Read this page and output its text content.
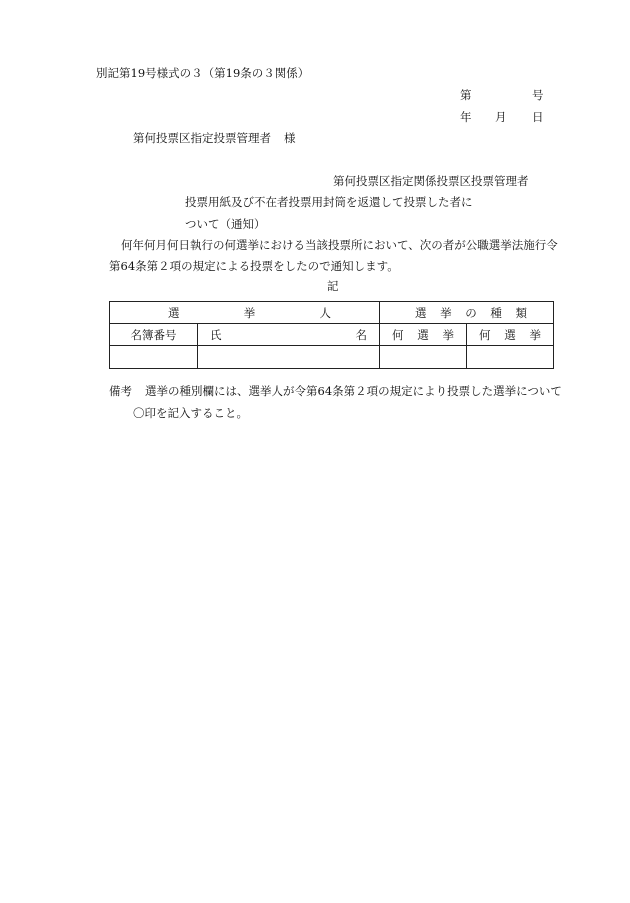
別記第19号様式の３（第19条の３関係）
第	号
年 月 日
第何投票区指定投票管理者 様
第何投票区指定関係投票区投票管理者
投票用紙及び不在者投票用封筒を返還して投票した者に
ついて（通知）
何年何月何日執行の何選挙における当該投票所において、次の者が公職選挙法施行令
第64条第２項の規定による投票をしたので通知します。
記
選 挙 人		選 挙 の 種 類	

名簿番号	氏 名	何 選 挙	何 選 挙

備考 選挙の種別欄には、選挙人が令第64条第２項の規定により投票した選挙について
〇印を記入すること。
